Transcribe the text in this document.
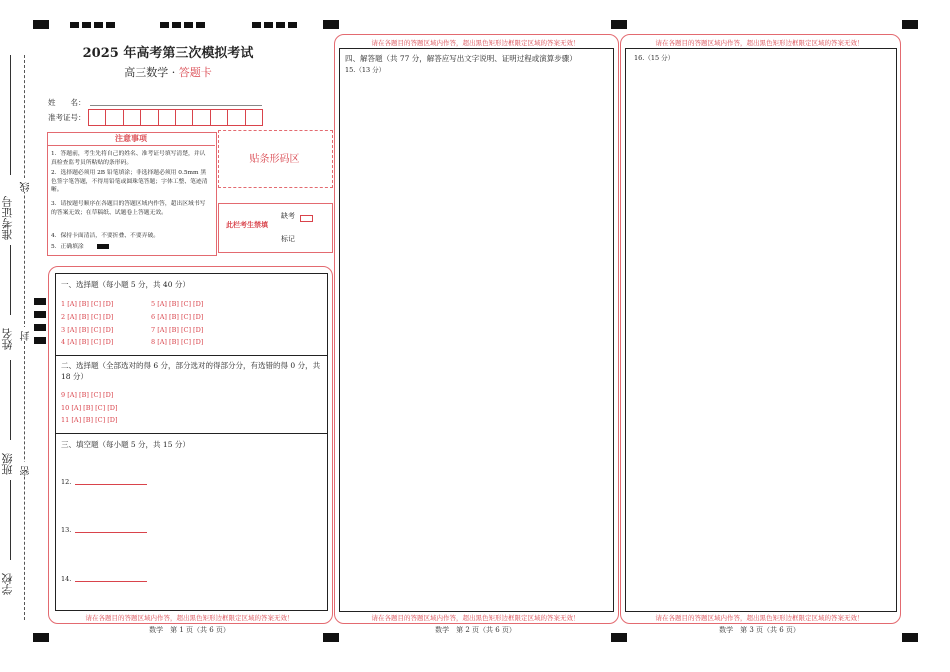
线
封
密
准考证号
姓名
班级
学校
2025 年高考第三次模拟考试
高三数学 · 答题卡
姓　　名：
准考证号：
注意事项
1．答题前，考生先将自己的姓名、准考证号填写清楚，并认真检查监考员所粘贴的条形码。
2．选择题必须用 2B 铅笔填涂；非选择题必须用 0.5mm 黑色签字笔答题，不得用铅笔或圆珠笔答题；字体工整、笔迹清晰。
3．请按题号顺序在各题目的答题区域内作答，超出区域书写的答案无效；在草稿纸、试题卷上答题无效。
4．保持卡面清洁，不要折叠、不要弄破。
5．正确填涂
贴条形码区
此栏考生禁填
缺考
标记
请在各题目的答题区域内作答，超出黑色矩形边框限定区域的答案无效！
一、选择题（每小题 5 分，共 40 分）
1 [A] [B] [C] [D]
2 [A] [B] [C] [D]
3 [A] [B] [C] [D]
4 [A] [B] [C] [D]
5 [A] [B] [C] [D]
6 [A] [B] [C] [D]
7 [A] [B] [C] [D]
8 [A] [B] [C] [D]
二、选择题（全部选对的得 6 分，部分选对的得部分分，有选错的得 0 分，共 18 分）
9 [A] [B] [C] [D]
10 [A] [B] [C] [D]
11 [A] [B] [C] [D]
三、填空题（每小题 5 分，共 15 分）
12.
13.
14.
数学　第 1 页（共 6 页）
请在各题目的答题区域内作答，超出黑色矩形边框限定区域的答案无效！
四、解答题（共 77 分，解答应写出文字说明、证明过程或演算步骤）
15.（13 分）
请在各题目的答题区域内作答，超出黑色矩形边框限定区域的答案无效！
数学　第 2 页（共 6 页）
请在各题目的答题区域内作答，超出黑色矩形边框限定区域的答案无效！
16.（15 分）
请在各题目的答题区域内作答，超出黑色矩形边框限定区域的答案无效！
数学　第 3 页（共 6 页）
